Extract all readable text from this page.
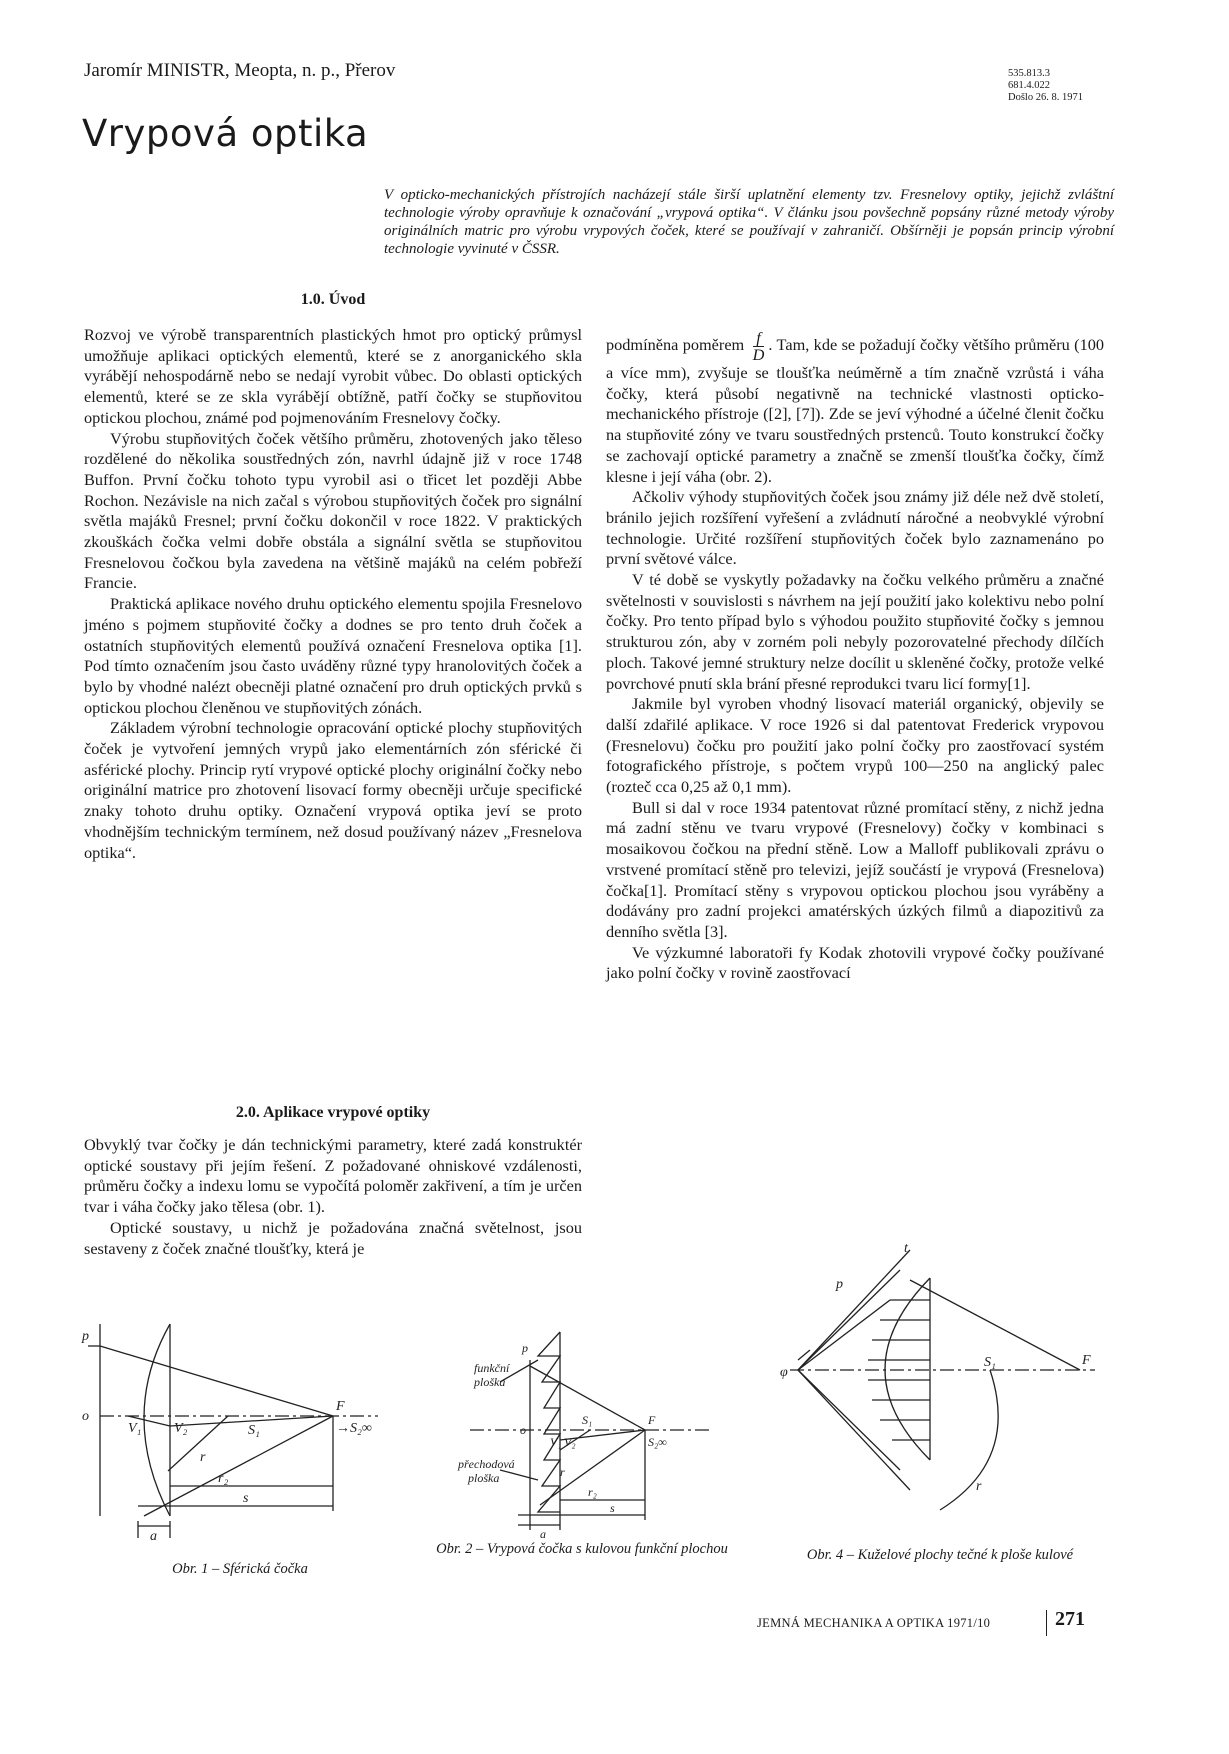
Jaromír MINISTR, Meopta, n. p., Přerov	535.813.3
681.4.022
Došlo 26. 8. 1971
Vrypová optika
V opticko-mechanických přístrojích nacházejí stále širší uplatnění elementy tzv. Fresnelovy optiky, jejichž zvláštní technologie výroby opravňuje k označování „vrypová optika“. V článku jsou povšechně popsány různé metody výroby originálních matric pro výrobu vrypových čoček, které se používají v zahraničí. Obšírněji je popsán princip výrobní technologie vyvinuté v ČSSR.
1.0. Úvod

Rozvoj ve výrobě transparentních plastických hmot pro optický průmysl umožňuje aplikaci optických elementů, které se z anorganického skla vyrábějí nehospodárně nebo se nedají vyrobit vůbec. Do oblasti optických elementů, které se ze skla vyrábějí obtížně, patří čočky se stupňovitou optickou plochou, známé pod pojmenováním Fresnelovy čočky.

Výrobu stupňovitých čoček většího průměru, zhotovených jako těleso rozdělené do několika soustředných zón, navrhl údajně již v roce 1748 Buffon. První čočku tohoto typu vyrobil asi o třicet let později Abbe Rochon. Nezávisle na nich začal s výrobou stupňovitých čoček pro signální světla majáků Fresnel; první čočku dokončil v roce 1822. V praktických zkouškách čočka velmi dobře obstála a signální světla se stupňovitou Fresnelovou čočkou byla zavedena na většině majáků na celém pobřeží Francie.

Praktická aplikace nového druhu optického elementu spojila Fresnelovo jméno s pojmem stupňovité čočky a dodnes se pro tento druh čoček a ostatních stupňovitých elementů používá označení Fresnelova optika [1]. Pod tímto označením jsou často uváděny různé typy hranolovitých čoček a bylo by vhodné nalézt obecněji platné označení pro druh optických prvků s optickou plochou členěnou ve stupňovitých zónách.

Základem výrobní technologie opracování optické plochy stupňovitých čoček je vytvoření jemných vrypů jako elementárních zón sférické či asférické plochy. Princip rytí vrypové optické plochy originální čočky nebo originální matrice pro zhotovení lisovací formy obecněji určuje specifické znaky tohoto druhu optiky. Označení vrypová optika jeví se proto vhodnějším technickým termínem, než dosud používaný název „Fresnelova optika“.

2.0. Aplikace vrypové optiky

Obvyklý tvar čočky je dán technickými parametry, které zadá konstruktér optické soustavy při jejím řešení. Z požadované ohniskové vzdálenosti, průměru čočky a indexu lomu se vypočítá poloměr zakřivení, a tím je určen tvar i váha čočky jako tělesa (obr. 1).

Optické soustavy, u nichž je požadována značná světelnost, jsou sestaveny z čoček značné tloušťky, která je

podmíněna poměrem $\frac{f}{D}$ . Tam, kde se požadují čočky většího průměru (100 a více mm), zvyšuje se tloušťka neúměrně a tím značně vzrůstá i váha čočky, která působí negativně na technické vlastnosti opticko-mechanického přístroje ([2], [7]). Zde se jeví výhodné a účelné členit čočku na stupňovité zóny ve tvaru soustředných prstenců. Touto konstrukcí čočky se zachovají optické parametry a značně se zmenší tloušťka čočky, čímž klesne i její váha (obr. 2).

Ačkoliv výhody stupňovitých čoček jsou známy již déle než dvě století, bránilo jejich rozšíření vyřešení a zvládnutí náročné a neobvyklé výrobní technologie. Určité rozšíření stupňovitých čoček bylo zaznamenáno po první světové válce.

V té době se vyskytly požadavky na čočku velkého průměru a značné světelnosti v souvislosti s návrhem na její použití jako kolektivu nebo polní čočky. Pro tento případ bylo s výhodou použito stupňovité čočky s jemnou strukturou zón, aby v zorném poli nebyly pozorovatelné přechody dílčích ploch. Takové jemné struktury nelze docílit u skleněné čočky, protože velké povrchové pnutí skla brání přesné reprodukci tvaru licí formy[1].

Jakmile byl vyroben vhodný lisovací materiál organický, objevily se další zdařilé aplikace. V roce 1926 si dal patentovat Frederick vrypovou (Fresnelovu) čočku pro použití jako polní čočky pro zaostřovací systém fotografického přístroje, s počtem vrypů 100—250 na anglický palec (rozteč cca 0,25 až 0,1 mm).

Bull si dal v roce 1934 patentovat různé promítací stěny, z nichž jedna má zadní stěnu ve tvaru vrypové (Fresnelovy) čočky v kombinaci s mosaikovou čočkou na přední stěně. Low a Malloff publikovali zprávu o vrstvené promítací stěně pro televizi, jejíž součástí je vrypová (Fresnelova) čočka[1]. Promítací stěny s vrypovou optickou plochou jsou vyráběny a dodávány pro zadní projekci amatérských úzkých filmů a diapozitivů za denního světla [3].

Ve výzkumné laboratoři fy Kodak zhotovili vrypové čočky používané jako polní čočky v rovině zaostřovací

p
o
V₁ V₂
r
S₁
F
→S₂∞
r₂
s
a
Obr. 1 – Sférická čočka
p
funkční
ploška
o
přechodová
ploška
V₁ V₂
r
S₁	F
S₂∞
r₂
s
a
Obr. 2 – Vrypová čočka s kulovou funkční plochou
t
p
φ
S₁	F
r
Obr. 4 – Kuželové plochy tečné k ploše kulové
JEMNÁ MECHANIKA A OPTIKA 1971/10	271
